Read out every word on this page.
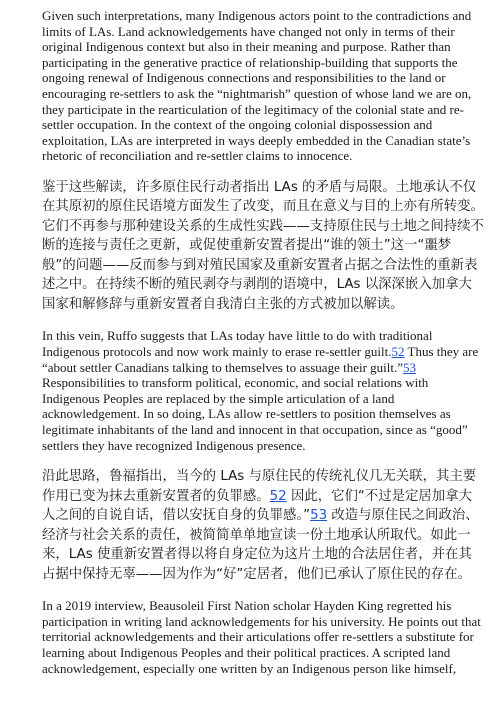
Given such interpretations, many Indigenous actors point to the contradictions and limits of LAs. Land acknowledgements have changed not only in terms of their original Indigenous context but also in their meaning and purpose. Rather than participating in the generative practice of relationship-building that supports the ongoing renewal of Indigenous connections and responsibilities to the land or encouraging re-settlers to ask the “nightmarish” question of whose land we are on, they participate in the rearticulation of the legitimacy of the colonial state and re-settler occupation. In the context of the ongoing colonial dispossession and exploitation, LAs are interpreted in ways deeply embedded in the Canadian state’s rhetoric of reconciliation and re-settler claims to innocence.

鉴于这些解读，许多原住民行动者指出 LAs 的矛盾与局限。土地承认不仅在其原初的原住民语境方面发生了改变，而且在意义与目的上亦有所转变。它们不再参与那种建设关系的生成性实践——支持原住民与土地之间持续不断的连接与责任之更新，或促使重新安置者提出“谁的领土”这一“噩梦般”的问题——反而参与到对殖民国家及重新安置者占据之合法性的重新表述之中。在持续不断的殖民剥夺与剥削的语境中，LAs 以深深嵌入加拿大国家和解修辞与重新安置者自我清白主张的方式被加以解读。

In this vein, Ruffo suggests that LAs today have little to do with traditional Indigenous protocols and now work mainly to erase re-settler guilt.52 Thus they are “about settler Canadians talking to themselves to assuage their guilt.”53 Responsibilities to transform political, economic, and social relations with Indigenous Peoples are replaced by the simple articulation of a land acknowledgement. In so doing, LAs allow re-settlers to position themselves as legitimate inhabitants of the land and innocent in that occupation, since as “good” settlers they have recognized Indigenous presence.

沿此思路，鲁福指出，当今的 LAs 与原住民的传统礼仪几无关联，其主要作用已变为抹去重新安置者的负罪感。52 因此，它们“不过是定居加拿大人之间的自说自话，借以安抚自身的负罪感。”53 改造与原住民之间政治、经济与社会关系的责任，被简简单单地宣读一份土地承认所取代。如此一来，LAs 使重新安置者得以将自身定位为这片土地的合法居住者，并在其占据中保持无辜——因为作为“好”定居者，他们已承认了原住民的存在。

In a 2019 interview, Beausoleil First Nation scholar Hayden King regretted his participation in writing land acknowledgements for his university. He points out that territorial acknowledgements and their articulations offer re-settlers a substitute for learning about Indigenous Peoples and their political practices. A scripted land acknowledgement, especially one written by an Indigenous person like himself,
